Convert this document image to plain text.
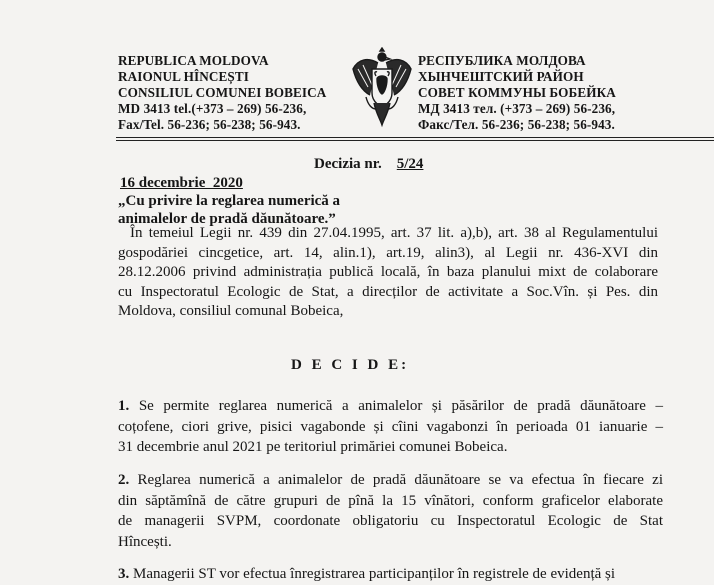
REPUBLICA MOLDOVA
RAIONUL HÎNCEȘTI
CONSILIUL COMUNEI BOBEICA
MD 3413 tel.(+373 – 269) 56-236,
Fax/Tel. 56-236; 56-238; 56-943.
РЕСПУБЛИКА МОЛДОВА
ХЫНЧЕШТСКИЙ РАЙОН
СОВЕТ КОММУНЫ БОБЕЙКА
МД 3413 тел. (+373 – 269) 56-236,
Факс/Тел. 56-236; 56-238; 56-943.
Decizia nr. 5/24
16 decembrie  2020
„Cu privire la reglarea numerică a
animalelor de pradă dăunătoare.”
În temeiul Legii nr. 439 din 27.04.1995, art. 37 lit. a),b), art. 38 al Regulamentului
gospodăriei cincgetice, art. 14, alin.1), art.19, alin3), al Legii nr. 436-XVI din
28.12.2006 privind administrația publică locală, în baza planului mixt de colaborare
cu Inspectoratul Ecologic de Stat, a direcților de activitate a Soc.Vîn. și Pes. din
Moldova, consiliul comunal Bobeica,
D E C I D E:
1. Se permite reglarea numerică a animalelor și păsărilor de pradă dăunătoare –
coțofene, ciori grive, pisici vagabonde și cîini vagabonzi în perioada 01 ianuarie –
31 decembrie anul 2021 pe teritoriul primăriei comunei Bobeica.
2. Reglarea numerică a animalelor de pradă dăunătoare se va efectua în fiecare zi
din săptămînă de către grupuri de pînă la 15 vînători, conform graficelor elaborate
de managerii SVPM, coordonate obligatoriu cu Inspectoratul Ecologic de Stat
Hîncești.
3. Managerii ST vor efectua înregistrarea participanților în registrele de evidență și
